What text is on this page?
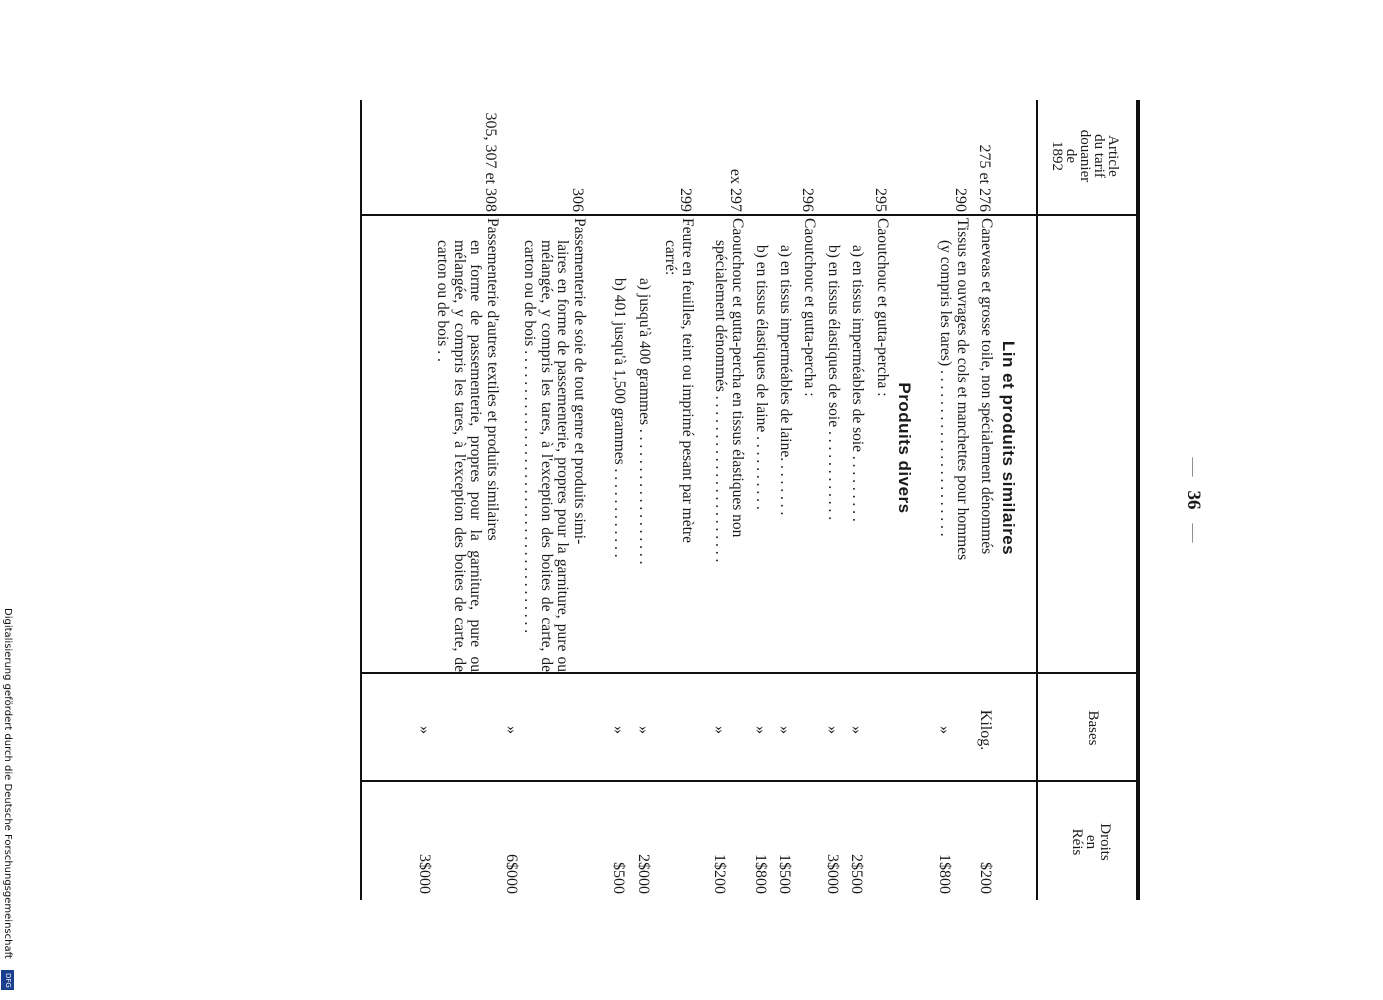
—36—
Article
du tarif
douanier
de
1892
Bases
Droits
en
Réis
Lin et produits similaires
Produits divers
275 et 276
Caneveas et grosse toile, non spécialement dénommés
Kilog.
$200
290
Tissus en ouvrages de cols et manchettes pour hommes
(y compris les tares) . . . . . . . . . . . . . . . . . . . . . .
»
1$800
295
Caoutchouc et gutta-percha :
a) en tissus imperméables de soie . . . . . . . . .
»
2$500
b) en tissus élastiques de soie . . . . . . . . . . . .
»
3$000
296
Caoutchouc et gutta-percha :
a) en tissus imperméables de laine. . . . . . . .
»
1$500
b) en tissus élastiques de laine . . . . . . . . . .
»
1$800
ex 297
Caoutchouc et gutta-percha en tissus élastiques non
spécialement dénommés . . . . . . . . . . . . . . . . . . . . . .
»
1$200
299
Feutre en feuilles, teint ou imprimé pesant par mètre
carré:
a) jusqu'à 400 grammes . . . . . . . . . . . . . . . . . .
»
2$000
b) 401 jusqu'à 1,500 grammes . . . . . . . . . . . .
»
$500
306
Passementerie de soie de tout genre et produits simi-
laires en forme de passementerie, propres pour la garniture, pure ou mélangée, y compris les tares, à l'exception des boites de carte, de carton ou de bois . . . . . . . . . . . . . . . . . . . . . . . . . . . . . . . . . . . . .
»
6$000
305, 307 et 308
Passementerie d'autres textiles et produits similaires
en forme de passementerie, propres pour la garniture, pure ou mélangée, y compris les tares, à l'exception des boites de carte, de carton ou de bois . .
»
3$000
Digitalisierung gefördert durch die Deutsche Forschungsgemeinschaft
DFG
